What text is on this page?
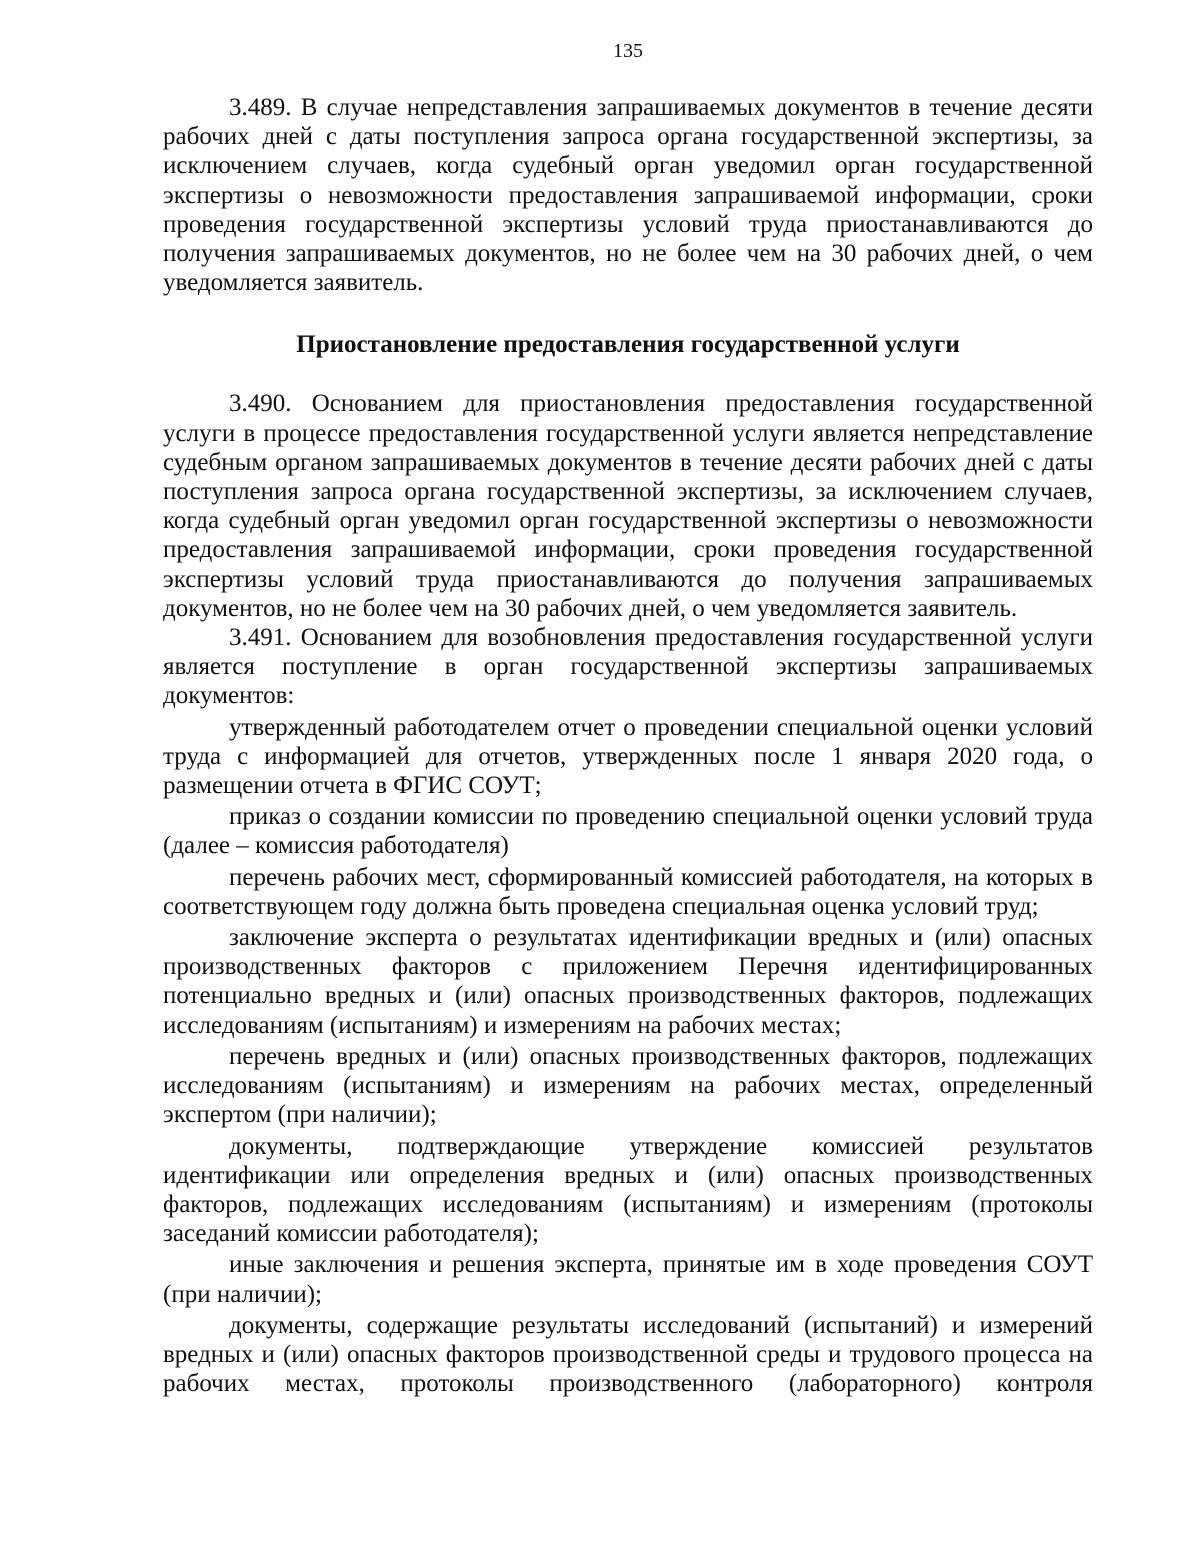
135

3.489. В случае непредставления запрашиваемых документов в течение десяти рабочих дней с даты поступления запроса органа государственной экспертизы, за исключением случаев, когда судебный орган уведомил орган государственной экспертизы о невозможности предоставления запрашиваемой информации, сроки проведения государственной экспертизы условий труда приостанавливаются до получения запрашиваемых документов, но не более чем на 30 рабочих дней, о чем уведомляется заявитель.

Приостановление предоставления государственной услуги

3.490. Основанием для приостановления предоставления государственной услуги в процессе предоставления государственной услуги является непредставление судебным органом запрашиваемых документов в течение десяти рабочих дней с даты поступления запроса органа государственной экспертизы, за исключением случаев, когда судебный орган уведомил орган государственной экспертизы о невозможности предоставления запрашиваемой информации, сроки проведения государственной экспертизы условий труда приостанавливаются до получения запрашиваемых документов, но не более чем на 30 рабочих дней, о чем уведомляется заявитель.

3.491. Основанием для возобновления предоставления государственной услуги является поступление в орган государственной экспертизы запрашиваемых документов:

утвержденный работодателем отчет о проведении специальной оценки условий труда с информацией для отчетов, утвержденных после 1 января 2020 года, о размещении отчета в ФГИС СОУТ;

приказ о создании комиссии по проведению специальной оценки условий труда (далее – комиссия работодателя)

перечень рабочих мест, сформированный комиссией работодателя, на которых в соответствующем году должна быть проведена специальная оценка условий труд;

заключение эксперта о результатах идентификации вредных и (или) опасных производственных факторов с приложением Перечня идентифицированных потенциально вредных и (или) опасных производственных факторов, подлежащих исследованиям (испытаниям) и измерениям на рабочих местах;

перечень вредных и (или) опасных производственных факторов, подлежащих исследованиям (испытаниям) и измерениям на рабочих местах, определенный экспертом (при наличии);

документы, подтверждающие утверждение комиссией результатов идентификации или определения вредных и (или) опасных производственных факторов, подлежащих исследованиям (испытаниям) и измерениям (протоколы заседаний комиссии работодателя);

иные заключения и решения эксперта, принятые им в ходе проведения СОУТ (при наличии);

документы, содержащие результаты исследований (испытаний) и измерений вредных и (или) опасных факторов производственной среды и трудового процесса на рабочих местах, протоколы производственного (лабораторного) контроля
